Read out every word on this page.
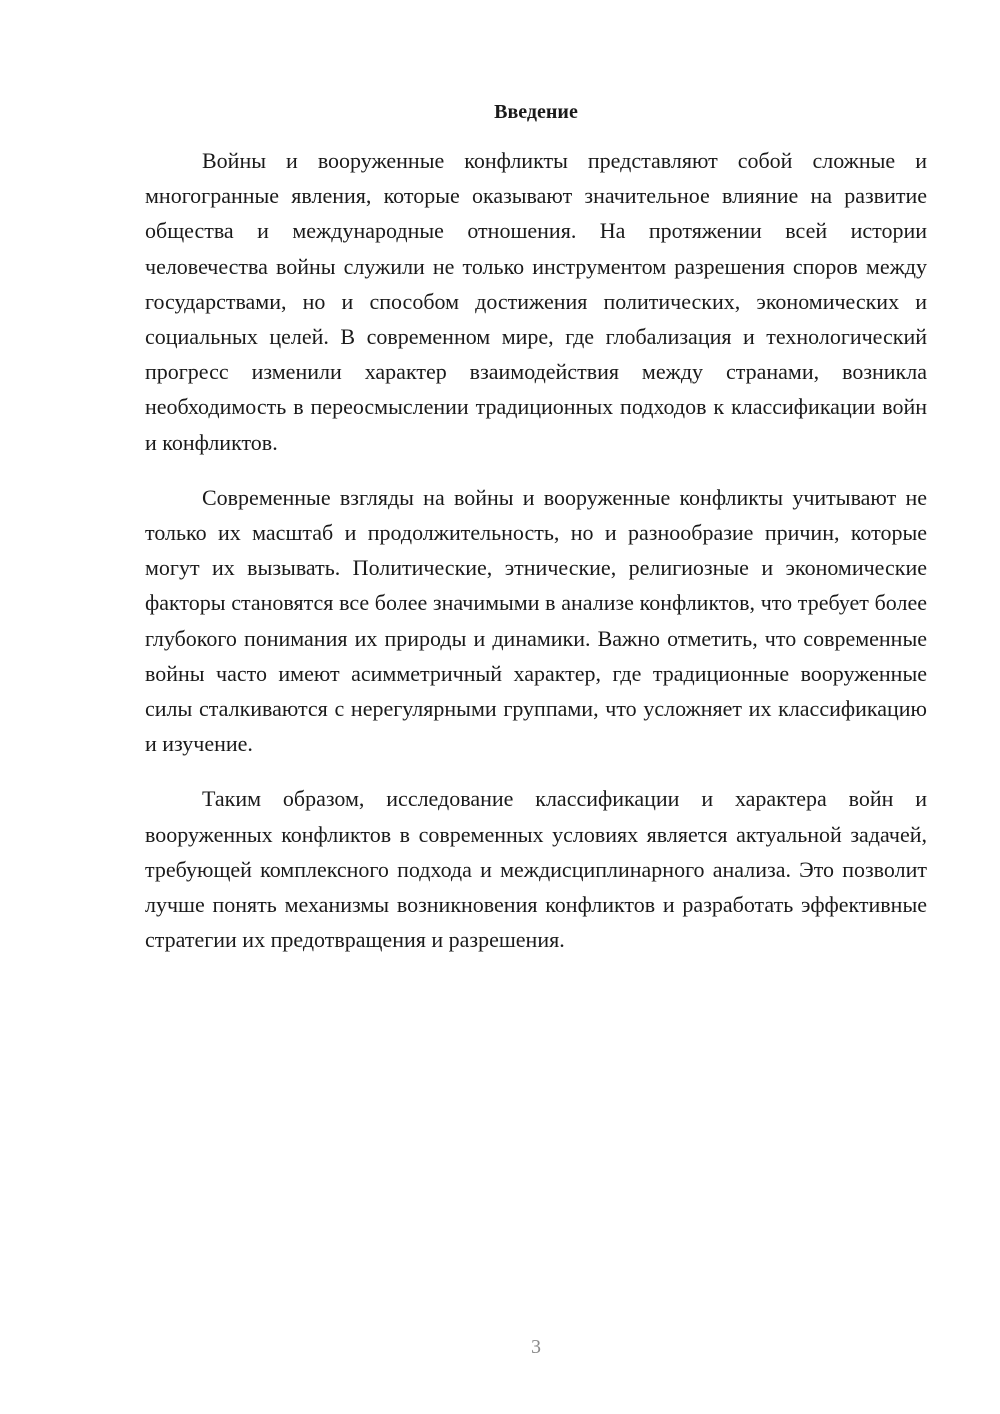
Введение

Войны и вооруженные конфликты представляют собой сложные и многогранные явления, которые оказывают значительное влияние на развитие общества и международные отношения. На протяжении всей истории человечества войны служили не только инструментом разрешения споров между государствами, но и способом достижения политических, экономических и социальных целей. В современном мире, где глобализация и технологический прогресс изменили характер взаимодействия между странами, возникла необходимость в переосмыслении традиционных подходов к классификации войн и конфликтов.

Современные взгляды на войны и вооруженные конфликты учитывают не только их масштаб и продолжительность, но и разнообразие причин, которые могут их вызывать. Политические, этнические, религиозные и экономические факторы становятся все более значимыми в анализе конфликтов, что требует более глубокого понимания их природы и динамики. Важно отметить, что современные войны часто имеют асимметричный характер, где традиционные вооруженные силы сталкиваются с нерегулярными группами, что усложняет их классификацию и изучение.

Таким образом, исследование классификации и характера войн и вооруженных конфликтов в современных условиях является актуальной задачей, требующей комплексного подхода и междисциплинарного анализа. Это позволит лучше понять механизмы возникновения конфликтов и разработать эффективные стратегии их предотвращения и разрешения.

3
